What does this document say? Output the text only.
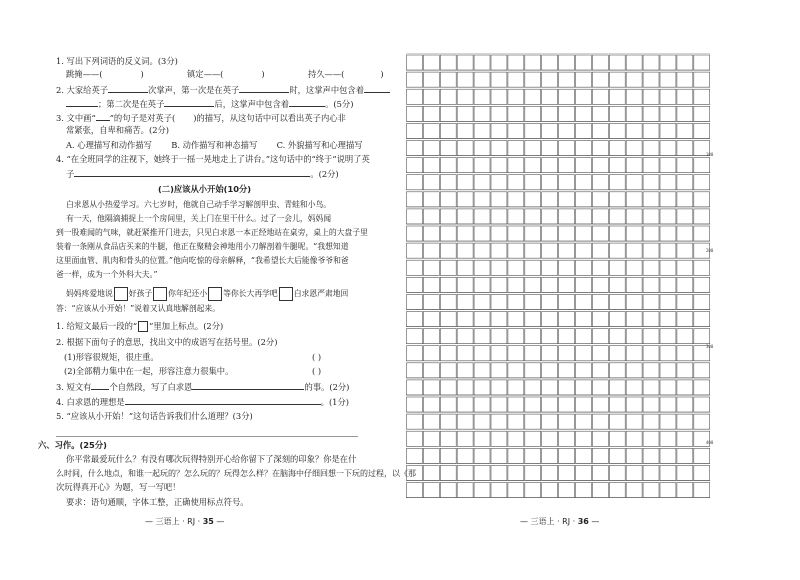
1. 写出下列词语的反义词。(3分)
跳掩——(	)	镇定——(	)	持久——(	)
2. 大家给英子	次掌声，第一次是在英子	时，这掌声中包含着
；第二次是在英子	后，这掌声中包含着	。(5分)
3. 文中画“ ”的句子是对英子( )的描写，从这句话中可以看出英子内心非
常紧张，自卑和痛苦。(2分)
A. 心理描写和动作描写 B. 动作描写和神态描写 C. 外貌描写和心理描写
4. “在全班同学的注视下，她终于一摇一晃地走上了讲台。”这句话中的“终于”说明了英
子	。(2分)
(二)应该从小开始(10分)
白求恩从小热爱学习。六七岁时，他就自己动手学习解剖甲虫、青蛙和小鸟。
有一天，他隔滴捕捉上一个房间里，关上门在里干什么。过了一会儿，妈妈闻
到一股难闻的气味，就赶紧推开门进去，只见白求恩一本正经地站在桌旁，桌上的大盘子里
装着一条刚从食品店买来的牛腿，他正在聚精会神地用小刀解剖着牛腿呢。“我想知道
这里面血管、肌肉和骨头的位置。”他向吃惊的母亲解释，“我希望长大后能像爷爷和爸
爸一样，成为一个外科大夫。”
妈妈疼爱地说 好孩子 你年纪还小 等你长大再学吧 白求恩严肃地回
答：“应该从小开始！”说着又认真地解剖起来。
1. 给短文最后一段的“ ”里加上标点。(2分)
2. 根据下面句子的意思，找出文中的成语写在括号里。(2分)
(1)形容很规矩，很庄重。	( )
(2)全部精力集中在一起，形容注意力很集中。	( )
3. 短文有 个自然段，写了白求恩	的事。(2分)
4. 白求恩的理想是	。(1分)
5. “应该从小开始！”这句话告诉我们什么道理？(3分)
六、习作。(25分)
你平常最爱玩什么？有没有哪次玩得特别开心给你留下了深刻的印象？你是在什
么时间，什么地点，和谁一起玩的？怎么玩的？玩得怎么样？在脑海中仔细回想一下玩的过程，以《那
次玩得真开心》为题，写一写吧！
要求：语句通顺，字体工整，正确使用标点符号。
— 三语上 · RJ · 35 —	— 三语上 · RJ · 36 —
100
200
300
400
